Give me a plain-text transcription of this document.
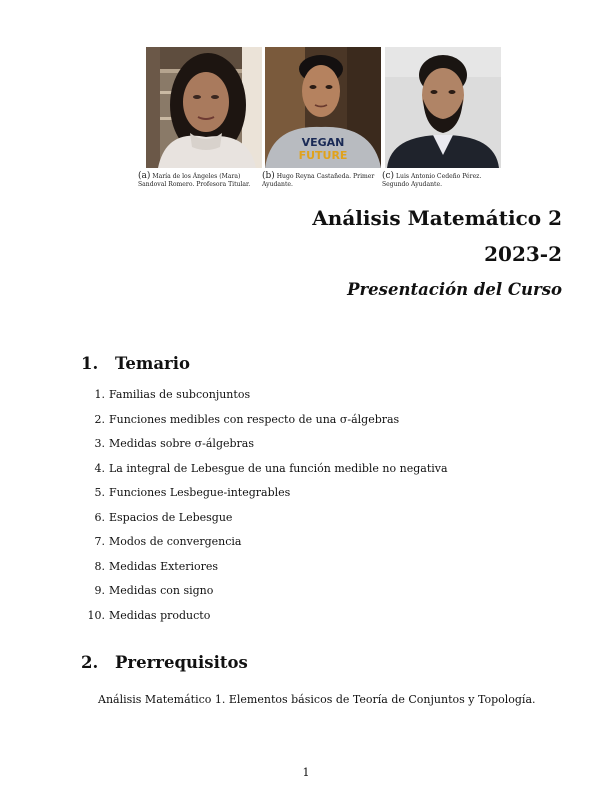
VEGAN
FUTURE
(a) María de los Ángeles (Mara) Sandoval Romero. Profesora Titular.
(b) Hugo Reyna Castañeda. Primer Ayudante.
(c) Luis Antonio Cedeño Pérez. Segundo Ayudante.
Análisis Matemático 2
2023-2
Presentación del Curso
1. Temario
1. Familias de subconjuntos
2. Funciones medibles con respecto de una σ-álgebras
3. Medidas sobre σ-álgebras
4. La integral de Lebesgue de una función medible no negativa
5. Funciones Lesbegue-integrables
6. Espacios de Lebesgue
7. Modos de convergencia
8. Medidas Exteriores
9. Medidas con signo
10. Medidas producto
2. Prerrequisitos
Análisis Matemático 1. Elementos básicos de Teoría de Conjuntos y Topología.
1
